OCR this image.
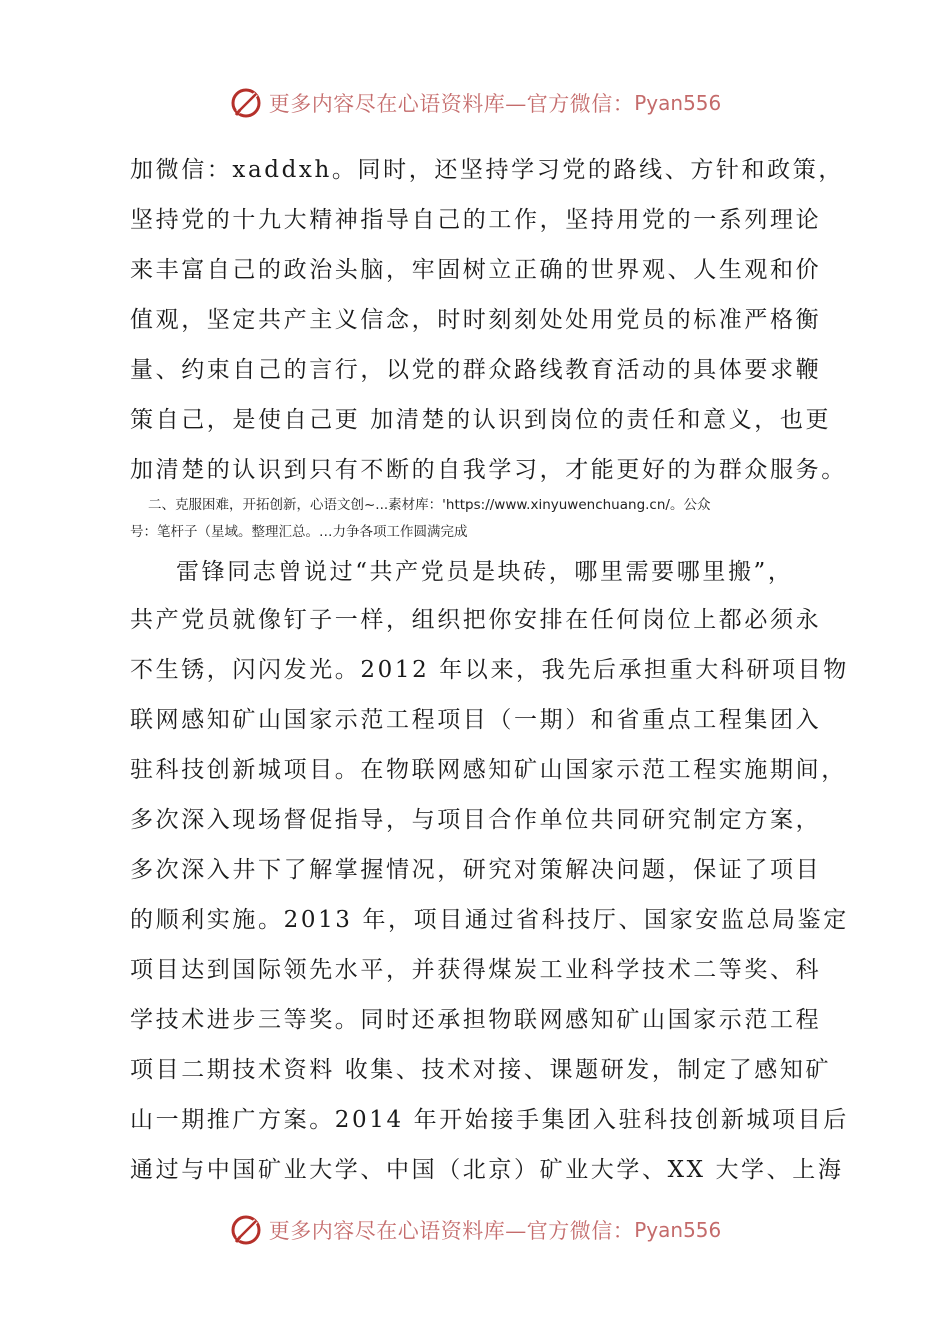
更多内容尽在心语资料库—官方微信： Pyan556
加微信：xaddxh。同时，还坚持学习党的路线、方针和政策，
坚持党的十九大精神指导自己的工作，坚持用党的一系列理论
来丰富自己的政治头脑，牢固树立正确的世界观、人生观和价
值观，坚定共产主义信念，时时刻刻处处用党员的标准严格衡
量、约束自己的言行，以党的群众路线教育活动的具体要求鞭
策自己，是使自己更 加清楚的认识到岗位的责任和意义，也更
加清楚的认识到只有不断的自我学习，才能更好的为群众服务。
二、克服困难，开拓创新，心语文创~...素材库：'https://www.xinyuwenchuang.cn/。公众
号：笔杆子（星域。整理汇总。…力争各项工作圆满完成
雷锋同志曾说过“共产党员是块砖，哪里需要哪里搬”，
共产党员就像钉子一样，组织把你安排在任何岗位上都必须永
不生锈，闪闪发光。2012 年以来，我先后承担重大科研项目物
联网感知矿山国家示范工程项目（一期）和省重点工程集团入
驻科技创新城项目。在物联网感知矿山国家示范工程实施期间，
多次深入现场督促指导，与项目合作单位共同研究制定方案，
多次深入井下了解掌握情况，研究对策解决问题，保证了项目
的顺利实施。2013 年，项目通过省科技厅、国家安监总局鉴定
项目达到国际领先水平，并获得煤炭工业科学技术二等奖、科
学技术进步三等奖。同时还承担物联网感知矿山国家示范工程
项目二期技术资料 收集、技术对接、课题研发，制定了感知矿
山一期推广方案。2014 年开始接手集团入驻科技创新城项目后
通过与中国矿业大学、中国（北京）矿业大学、XX 大学、上海
更多内容尽在心语资料库—官方微信： Pyan556
